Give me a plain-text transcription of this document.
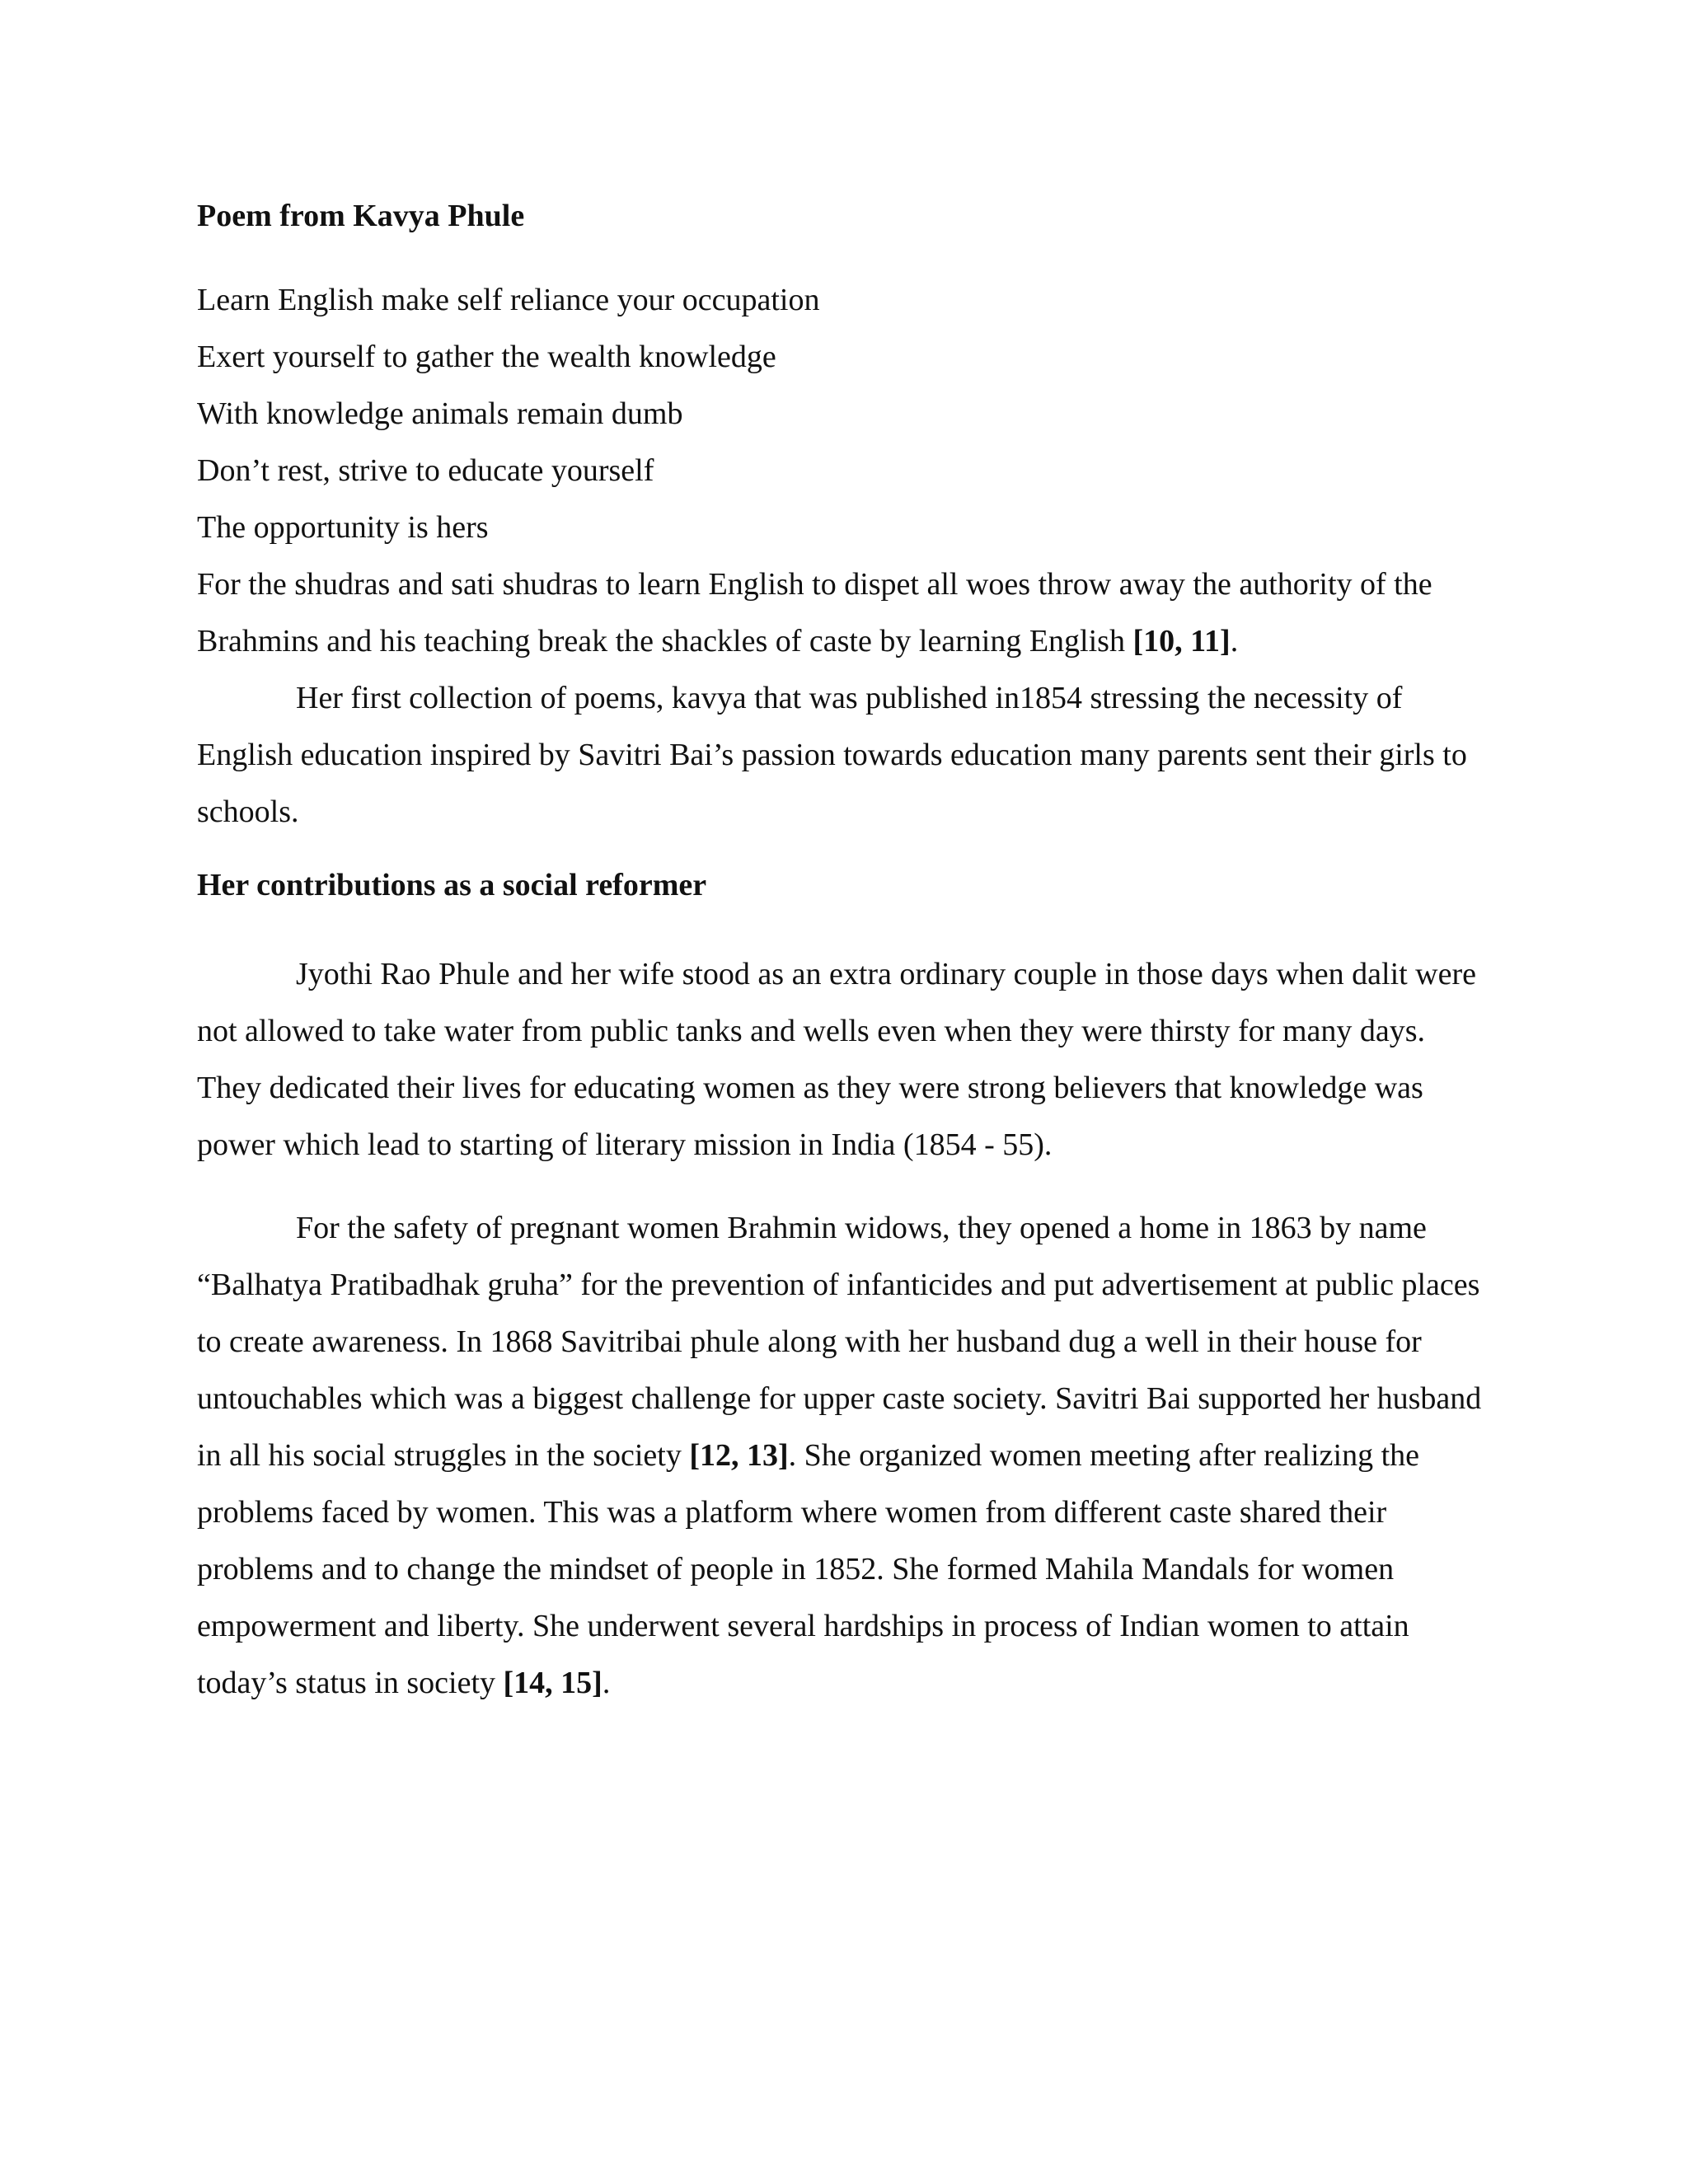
Poem from Kavya Phule

Learn English make self reliance your occupation

Exert yourself to gather the wealth knowledge

With knowledge animals remain dumb

Don’t rest, strive to educate yourself

The opportunity is hers

For the shudras and sati shudras to learn English to dispet all woes throw away the authority of the Brahmins and his teaching break the shackles of caste by learning English [10, 11].

Her first collection of poems, kavya that was published in1854 stressing the necessity of English education inspired by Savitri Bai’s passion towards education many parents sent their girls to schools.

Her contributions as a social reformer

Jyothi Rao Phule and her wife stood as an extra ordinary couple in those days when dalit were not allowed to take water from public tanks and wells even when they were thirsty for many days. They dedicated their lives for educating women as they were strong believers that knowledge was power which lead to starting of literary mission in India (1854 - 55).

For the safety of pregnant women Brahmin widows, they opened a home in 1863 by name “Balhatya Pratibadhak gruha” for the prevention of infanticides and put advertisement at public places to create awareness. In 1868 Savitribai phule along with her husband dug a well in their house for untouchables which was a biggest challenge for upper caste society. Savitri Bai supported her husband in all his social struggles in the society [12, 13]. She organized women meeting after realizing the problems faced by women. This was a platform where women from different caste shared their problems and to change the mindset of people in 1852. She formed Mahila Mandals for women empowerment and liberty. She underwent several hardships in process of Indian women to attain today’s status in society [14, 15].
